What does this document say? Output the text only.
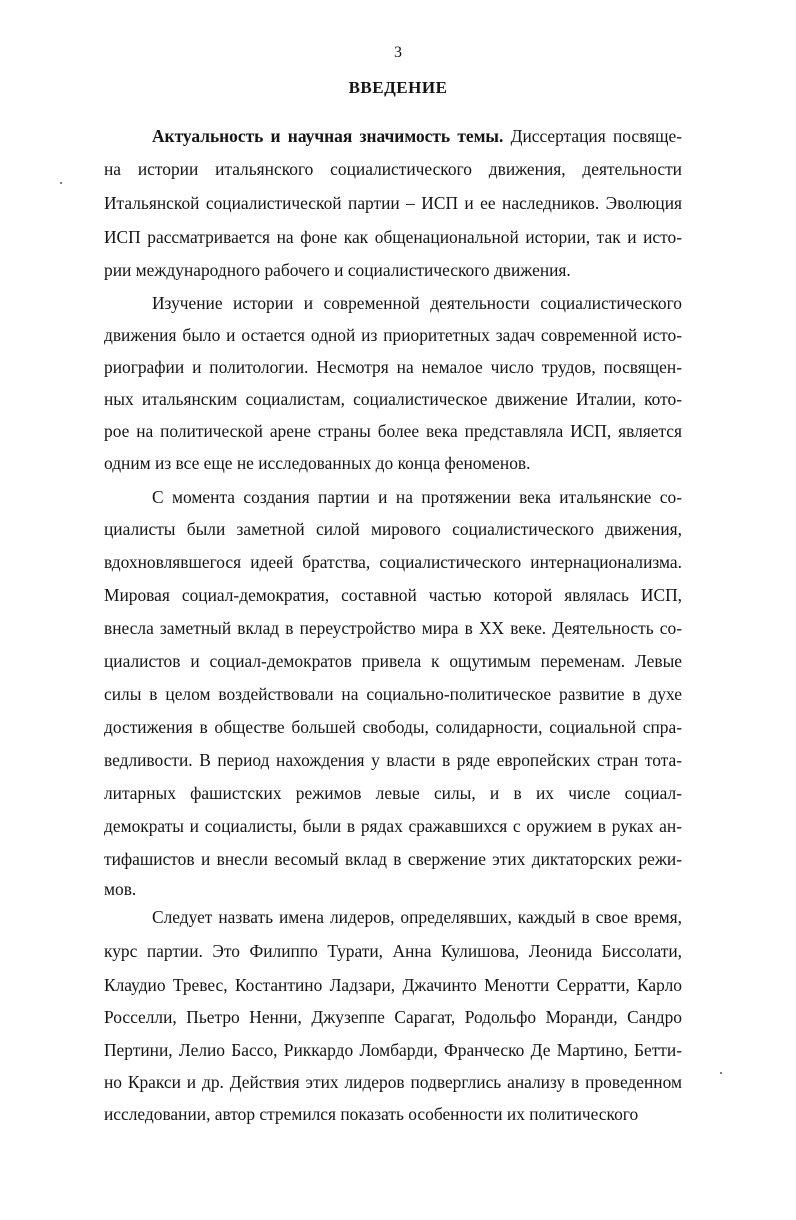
3
ВВЕДЕНИЕ

Актуальность и научная значимость темы. Диссертация посвяще-

на истории итальянского социалистического движения, деятельности

Итальянской социалистической партии – ИСП и ее наследников. Эволюция

ИСП рассматривается на фоне как общенациональной истории, так и исто-

рии международного рабочего и социалистического движения.

Изучение истории и современной деятельности социалистического

движения было и остается одной из приоритетных задач современной исто-

риографии и политологии. Несмотря на немалое число трудов, посвящен-

ных итальянским социалистам, социалистическое движение Италии, кото-

рое на политической арене страны более века представляла ИСП, является

одним из все еще не исследованных до конца феноменов.

С момента создания партии и на протяжении века итальянские со-

циалисты были заметной силой мирового социалистического движения,

вдохновлявшегося идеей братства, социалистического интернационализма.

Мировая социал-демократия, составной частью которой являлась ИСП,

внесла заметный вклад в переустройство мира в XX веке. Деятельность со-

циалистов и социал-демократов привела к ощутимым переменам. Левые

силы в целом воздействовали на социально-политическое развитие в духе

достижения в обществе большей свободы, солидарности, социальной спра-

ведливости. В период нахождения у власти в ряде европейских стран тота-

литарных фашистских режимов левые силы, и в их числе социал-

демократы и социалисты, были в рядах сражавшихся с оружием в руках ан-

тифашистов и внесли весомый вклад в свержение этих диктаторских режи-

мов.

Следует назвать имена лидеров, определявших, каждый в свое время,

курс партии. Это Филиппо Турати, Анна Кулишова, Леонида Биссолати,

Клаудио Тревес, Костантино Ладзари, Джачинто Менотти Серратти, Карло

Росселли, Пьетро Ненни, Джузеппе Сарагат, Родольфо Моранди, Сандро

Пертини, Лелио Бассо, Риккардо Ломбарди, Франческо Де Мартино, Бетти-

но Кракси и др. Действия этих лидеров подверглись анализу в проведенном

исследовании, автор стремился показать особенности их политического
